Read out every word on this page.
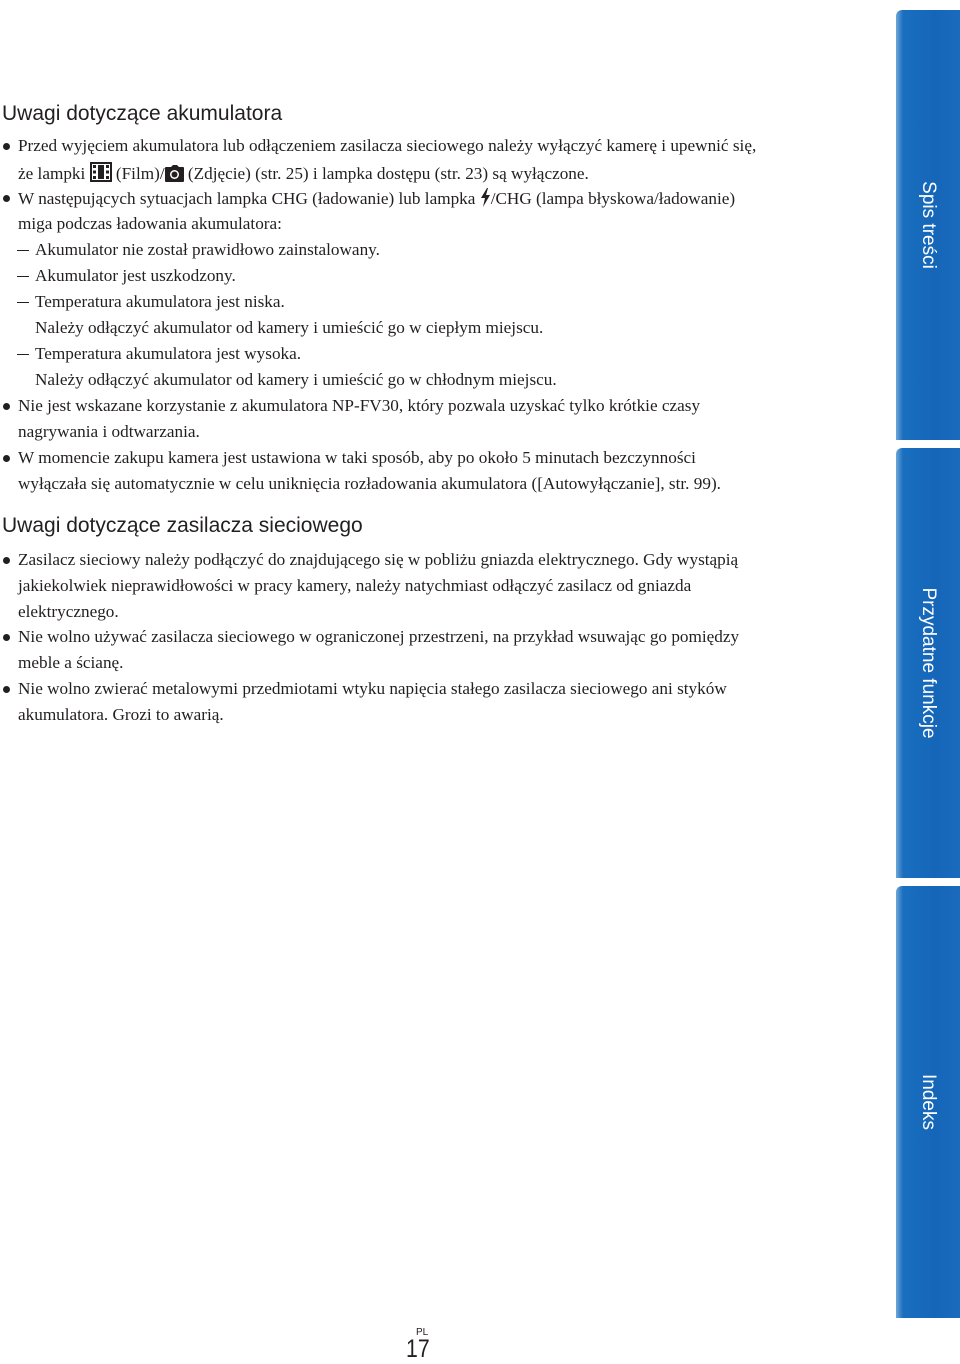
Uwagi dotyczące akumulatora
Przed wyjęciem akumulatora lub odłączeniem zasilacza sieciowego należy wyłączyć kamerę i upewnić się,
że lampki (Film)/ (Zdjęcie) (str. 25) i lampka dostępu (str. 23) są wyłączone.
W następujących sytuacjach lampka CHG (ładowanie) lub lampka /CHG (lampa błyskowa/ładowanie)
miga podczas ładowania akumulatora:
Akumulator nie został prawidłowo zainstalowany.
Akumulator jest uszkodzony.
Temperatura akumulatora jest niska.
Należy odłączyć akumulator od kamery i umieścić go w ciepłym miejscu.
Temperatura akumulatora jest wysoka.
Należy odłączyć akumulator od kamery i umieścić go w chłodnym miejscu.
Nie jest wskazane korzystanie z akumulatora NP-FV30, który pozwala uzyskać tylko krótkie czasy
nagrywania i odtwarzania.
W momencie zakupu kamera jest ustawiona w taki sposób, aby po około 5 minutach bezczynności
wyłączała się automatycznie w celu uniknięcia rozładowania akumulatora ([Autowyłączanie], str. 99).
Uwagi dotyczące zasilacza sieciowego
Zasilacz sieciowy należy podłączyć do znajdującego się w pobliżu gniazda elektrycznego. Gdy wystąpią
jakiekolwiek nieprawidłowości w pracy kamery, należy natychmiast odłączyć zasilacz od gniazda
elektrycznego.
Nie wolno używać zasilacza sieciowego w ograniczonej przestrzeni, na przykład wsuwając go pomiędzy
meble a ścianę.
Nie wolno zwierać metalowymi przedmiotami wtyku napięcia stałego zasilacza sieciowego ani styków
akumulatora. Grozi to awarią.
Spis treści
Przydatne funkcje
Indeks
PL
17
